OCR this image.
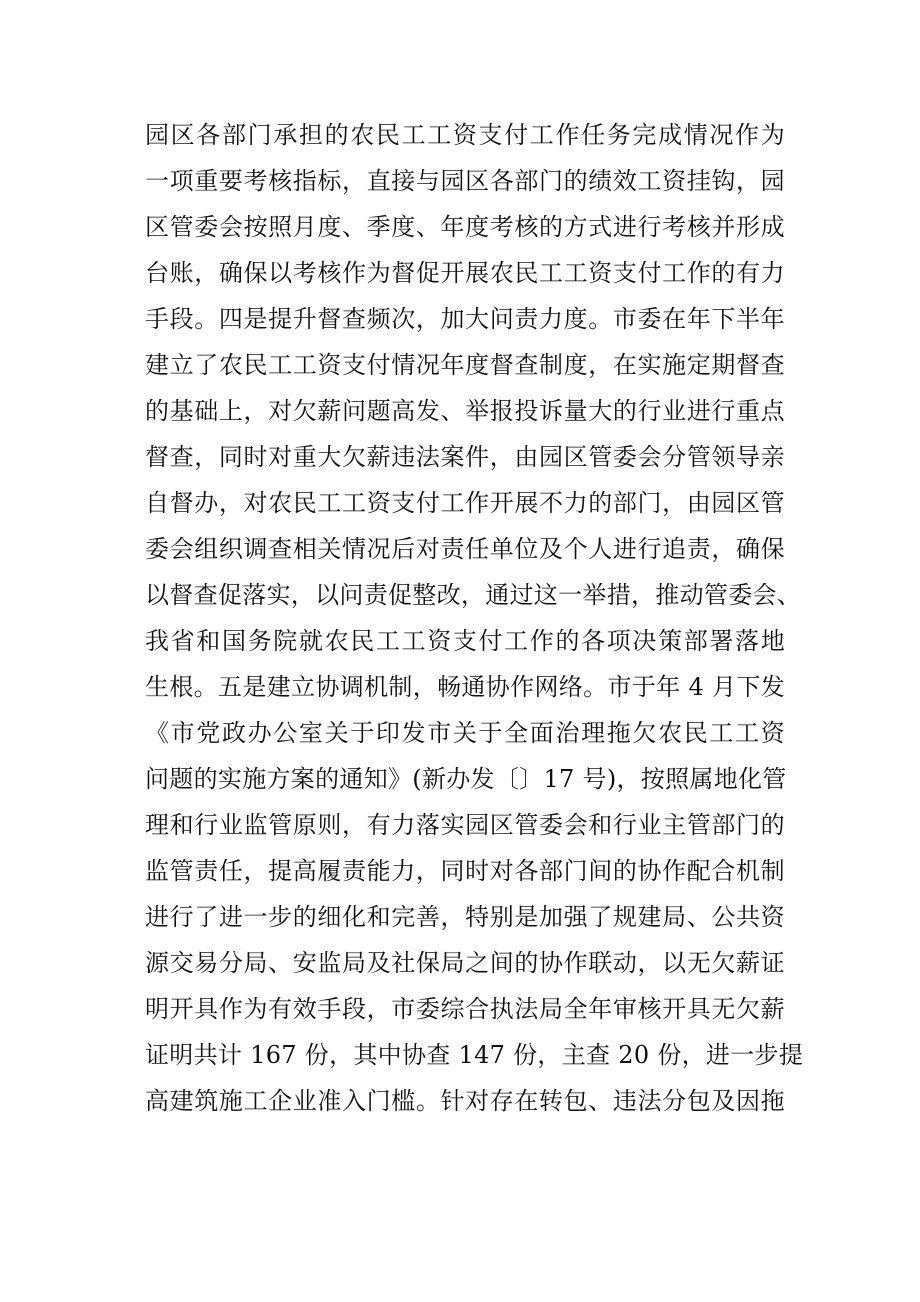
园区各部门承担的农民工工资支付工作任务完成情况作为
一项重要考核指标，直接与园区各部门的绩效工资挂钩，园
区管委会按照月度、季度、年度考核的方式进行考核并形成
台账，确保以考核作为督促开展农民工工资支付工作的有力
手段。四是提升督查频次，加大问责力度。市委在年下半年
建立了农民工工资支付情况年度督查制度，在实施定期督查
的基础上，对欠薪问题高发、举报投诉量大的行业进行重点
督查，同时对重大欠薪违法案件，由园区管委会分管领导亲
自督办，对农民工工资支付工作开展不力的部门，由园区管
委会组织调查相关情况后对责任单位及个人进行追责，确保
以督查促落实，以问责促整改，通过这一举措，推动管委会、
我省和国务院就农民工工资支付工作的各项决策部署落地
生根。五是建立协调机制，畅通协作网络。市于年 4 月下发
《市党政办公室关于印发市关于全面治理拖欠农民工工资
问题的实施方案的通知》(新办发〔〕17 号)，按照属地化管
理和行业监管原则，有力落实园区管委会和行业主管部门的
监管责任，提高履责能力，同时对各部门间的协作配合机制
进行了进一步的细化和完善，特别是加强了规建局、公共资
源交易分局、安监局及社保局之间的协作联动，以无欠薪证
明开具作为有效手段，市委综合执法局全年审核开具无欠薪
证明共计 167 份，其中协查 147 份，主查 20 份，进一步提
高建筑施工企业准入门槛。针对存在转包、违法分包及因拖
